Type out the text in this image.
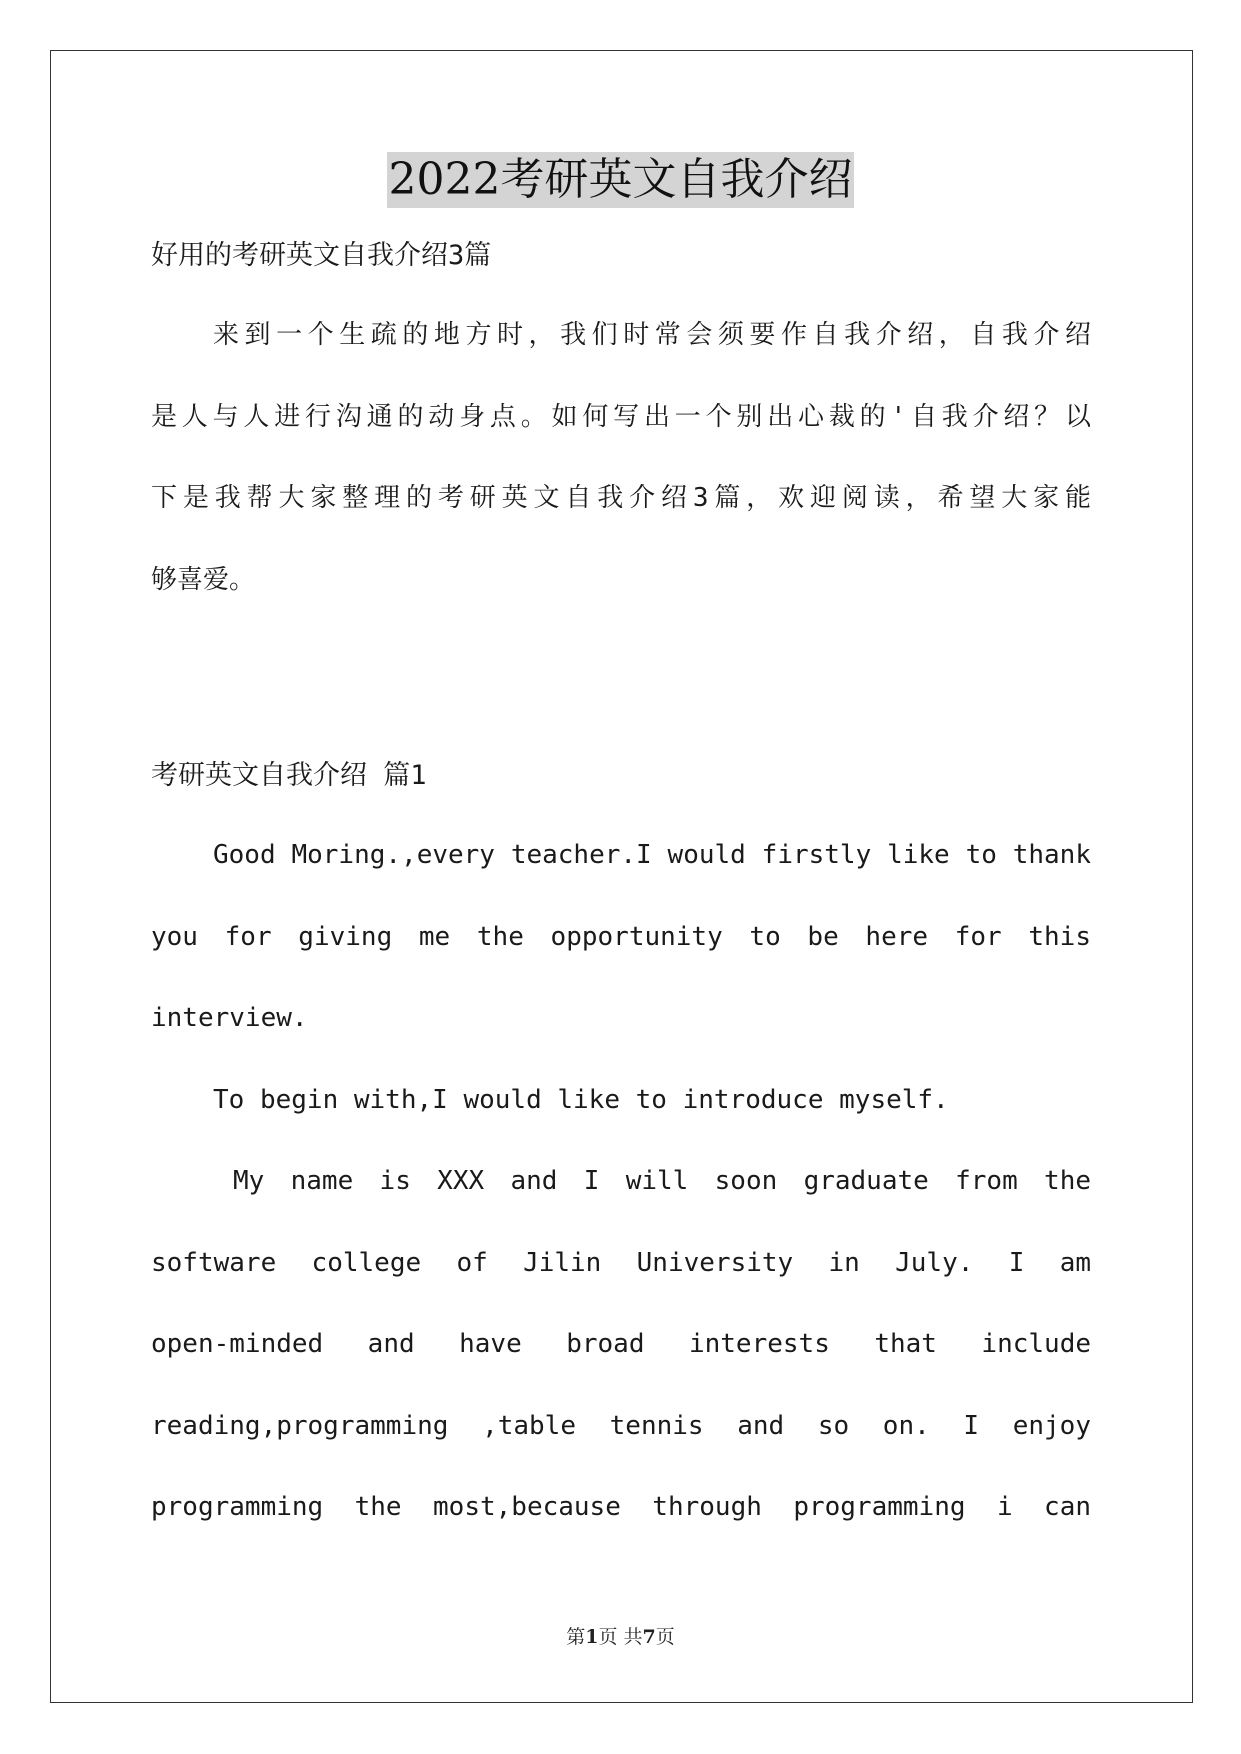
2022考研英文自我介绍
好用的考研英文自我介绍3篇
来到一个生疏的地方时，我们时常会须要作自我介绍，自我介绍
是人与人进行沟通的动身点。如何写出一个别出心裁的'自我介绍？以
下是我帮大家整理的考研英文自我介绍3篇，欢迎阅读，希望大家能
够喜爱。
考研英文自我介绍 篇1
Good Moring.,every teacher.I would firstly like to thank
you for giving me the opportunity to be here for this
interview.
To begin with,I would like to introduce myself.
My name is XXX and I will soon graduate from the
software college of Jilin University in July. I am
open-minded and have broad interests that include
reading,programming ,table tennis and so on. I enjoy
programming the most,because through programming i can
第1页 共7页
